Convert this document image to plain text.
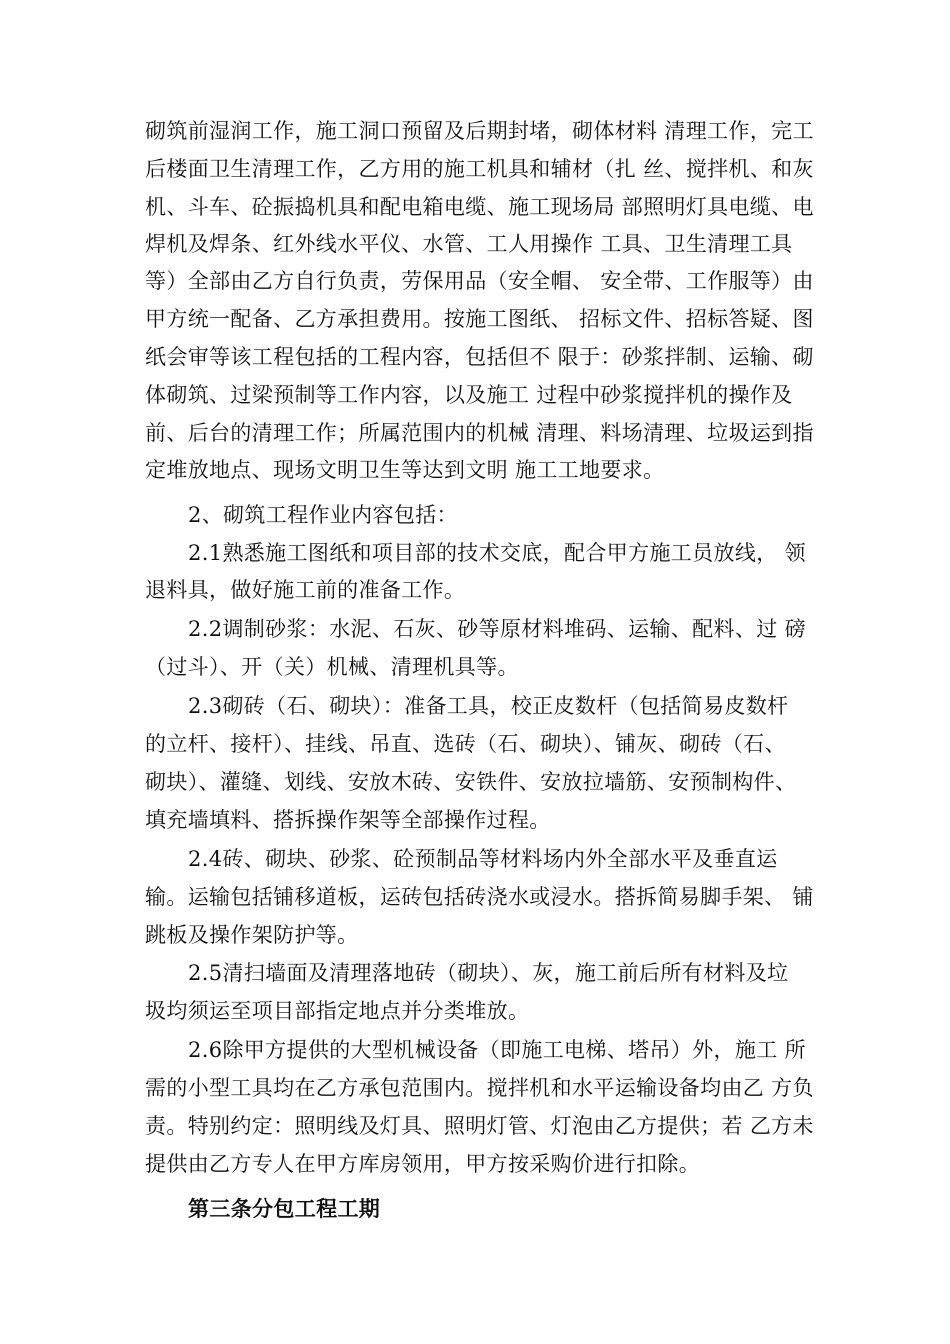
砌筑前湿润工作，施工洞口预留及后期封堵，砌体材料 清理工作，完工
后楼面卫生清理工作，乙方用的施工机具和辅材（扎 丝、搅拌机、和灰
机、斗车、砼振捣机具和配电箱电缆、施工现场局 部照明灯具电缆、电
焊机及焊条、红外线水平仪、水管、工人用操作 工具、卫生清理工具
等）全部由乙方自行负责，劳保用品（安全帽、 安全带、工作服等）由
甲方统一配备、乙方承担费用。按施工图纸、 招标文件、招标答疑、图
纸会审等该工程包括的工程内容，包括但不 限于：砂浆拌制、运输、砌
体砌筑、过梁预制等工作内容，以及施工 过程中砂浆搅拌机的操作及
前、后台的清理工作；所属范围内的机械 清理、料场清理、垃圾运到指
定堆放地点、现场文明卫生等达到文明 施工工地要求。
2、砌筑工程作业内容包括：
2.1熟悉施工图纸和项目部的技术交底，配合甲方施工员放线， 领
退料具，做好施工前的准备工作。
2.2调制砂浆：水泥、石灰、砂等原材料堆码、运输、配料、过 磅
（过斗）、开（关）机械、清理机具等。
2.3砌砖（石、砌块）：准备工具，校正皮数杆（包括简易皮数杆
的立杆、接杆）、挂线、吊直、选砖（石、砌块）、铺灰、砌砖（石、
砌块）、灌缝、划线、安放木砖、安铁件、安放拉墙筋、安预制构件、
填充墙填料、搭拆操作架等全部操作过程。
2.4砖、砌块、砂浆、砼预制品等材料场内外全部水平及垂直运
输。运输包括铺移道板，运砖包括砖浇水或浸水。搭拆简易脚手架、 铺
跳板及操作架防护等。
2.5清扫墙面及清理落地砖（砌块）、灰，施工前后所有材料及垃
圾均须运至项目部指定地点并分类堆放。
2.6除甲方提供的大型机械设备（即施工电梯、塔吊）外，施工 所
需的小型工具均在乙方承包范围内。搅拌机和水平运输设备均由乙 方负
责。特别约定：照明线及灯具、照明灯管、灯泡由乙方提供；若 乙方未
提供由乙方专人在甲方库房领用，甲方按采购价进行扣除。
第三条分包工程工期
